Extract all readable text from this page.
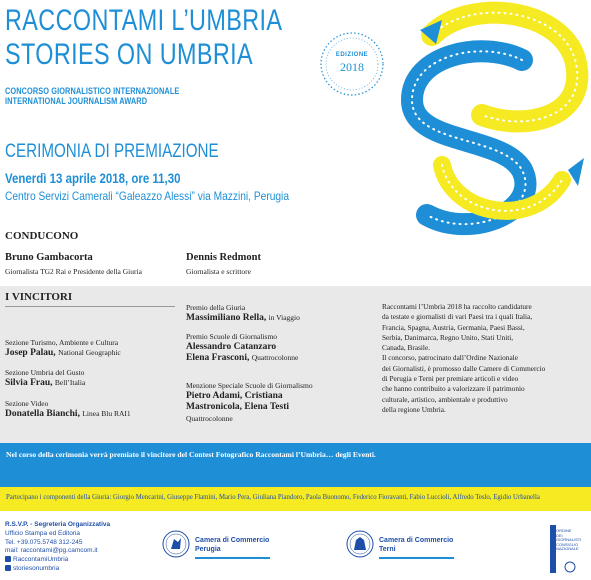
RACCONTAMI L’UMBRIA
STORIES ON UMBRIA
CONCORSO GIORNALISTICO INTERNAZIONALE
INTERNATIONAL JOURNALISM AWARD
EDIZIONE
2018
CERIMONIA DI PREMIAZIONE
Venerdì 13 aprile 2018, ore 11,30
Centro Servizi Camerali “Galeazzo Alessi” via Mazzini, Perugia
CONDUCONO
Bruno Gambacorta
Giornalista TG2 Rai e Presidente della Giuria
Dennis Redmont
Giornalista e scrittore
I VINCITORI
Sezione Turismo, Ambiente e Cultura
Josep Palau, National Geographic
Sezione Umbria del Gusto
Silvia Frau, Bell’Italia
Sezione Video
Donatella Bianchi, Linea Blu RAI1
Premio della Giuria
Massimiliano Rella, in Viaggio
Premio Scuole di Giornalismo
Alessandro Catanzaro
Elena Frasconi, Quattrocolonne
Menzione Speciale Scuole di Giornalismo
Pietro Adami, Cristiana
Mastronicola, Elena Testi
Quattrocolonne
Raccontami l’Umbria 2018 ha raccolto candidature
da testate e giornalisti di vari Paesi tra i quali Italia,
Francia, Spagna, Austria, Germania, Paesi Bassi,
Serbia, Danimarca, Regno Unito, Stati Uniti,
Canada, Brasile.
Il concorso, patrocinato dall’Ordine Nazionale
dei Giornalisti, è promosso dalle Camere di Commercio
di Perugia e Terni per premiare articoli e video
che hanno contribuito a valorizzare il patrimonio
culturale, artistico, ambientale e produttivo
della regione Umbria.
Nel corso della cerimonia verrà premiato il vincitore del Contest Fotografico Raccontami l’Umbria… degli Eventi.
Partecipano i componenti della Giuria: Giorgio Mencarini, Giuseppe Flamini, Mario Pera, Giuliana Piandoro, Paola Buonomo, Federico Fioravanti, Fabio Luccioli, Alfredo Teslo, Egidio Urbanella
R.S.V.P. - Segreteria Organizzativa
Ufficio Stampa ed Editoria
Tel. +39.075.5748 312-245
mail: raccontami@pg.camcom.it
RaccontamiUmbria
storiesonumbria
Camera di Commercio
Perugia
Camera di Commercio
Terni
ORDINE
DEI
GIORNALISTI
CONSIGLIO
NAZIONALE
